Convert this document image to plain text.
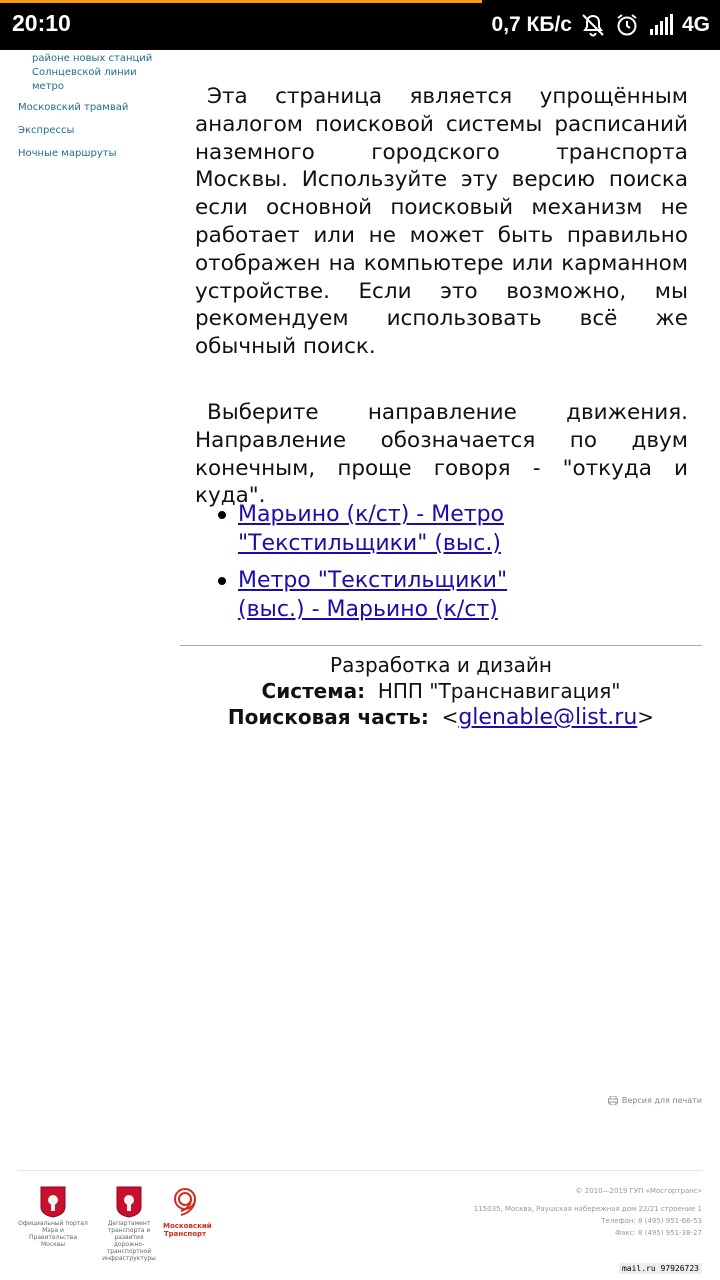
20:10	0,7 КБ/с	4G
районе новых станций Солнцевской линии метро
Московский трамвай
Экспрессы
Ночные маршруты

Эта страница является упрощённым аналогом поисковой системы расписаний наземного городского транспорта Москвы. Используйте эту версию поиска если основной поисковый механизм не работает или не может быть правильно отображен на компьютере или карманном устройстве. Если это возможно, мы рекомендуем использовать всё же обычный поиск.

Выберите направление движения. Направление обозначается по двум конечным, проще говоря - "откуда и куда".

Марьино (к/ст) - Метро "Текстильщики" (выс.)
Метро "Текстильщики" (выс.) - Марьино (к/ст)
Разработка и дизайн
Система: НПП "Транснавигация"
Поисковая часть: <glenable@list.ru>
Версия для печати
Официальный портал Мэра и Правительства Москвы
Департамент транспорта и развития дорожно-транспортной инфраструктуры
Московский Транспорт
© 2010—2019 ГУП «Мосгортранс»
115035, Москва, Раушская набережная дом 22/21 строение 1
Телефон: 8 (495) 951-66-53
Факс: 8 (495) 951-38-27
mail.ru 97926723
